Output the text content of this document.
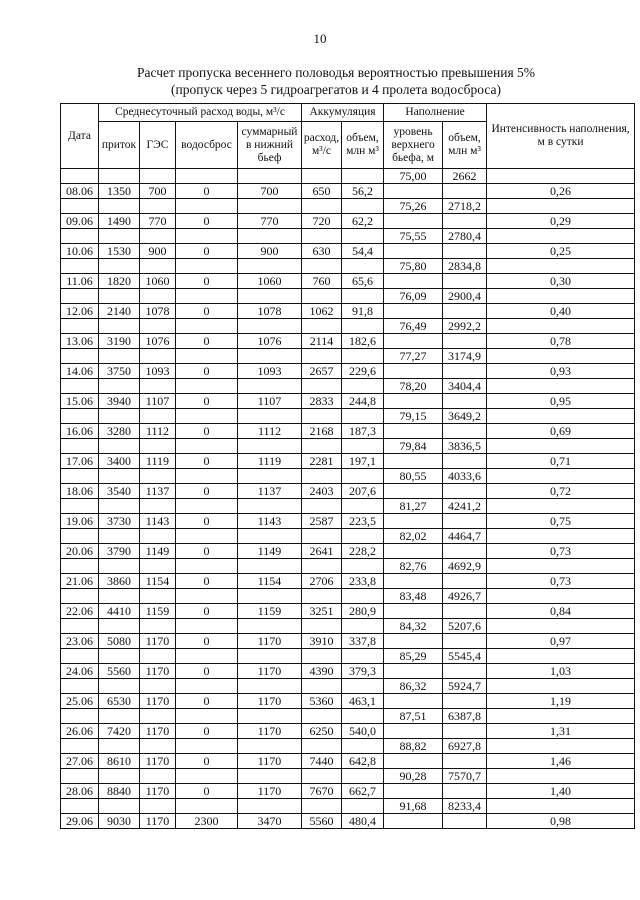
10
Расчет пропуска весеннего половодья вероятностью превышения 5%
(пропуск через 5 гидроагрегатов и 4 пролета водосброса)
Дата	Среднесуточный расход воды, м³/с				Аккумуляция		Наполнение		Интенсивность наполнения, м в сутки
	приток	ГЭС	водосброс	суммарный в нижний бьеф	расход, м³/с	объем, млн м³	уровень верхнего бьефа, м	объем, млн м³	
							75,00	2662	
08.06	1350	700	0	700	650	56,2			0,26
							75,26	2718,2	
09.06	1490	770	0	770	720	62,2			0,29
							75,55	2780,4	
10.06	1530	900	0	900	630	54,4			0,25
							75,80	2834,8	
11.06	1820	1060	0	1060	760	65,6			0,30
							76,09	2900,4	
12.06	2140	1078	0	1078	1062	91,8			0,40
							76,49	2992,2	
13.06	3190	1076	0	1076	2114	182,6			0,78
							77,27	3174,9	
14.06	3750	1093	0	1093	2657	229,6			0,93
							78,20	3404,4	
15.06	3940	1107	0	1107	2833	244,8			0,95
							79,15	3649,2	
16.06	3280	1112	0	1112	2168	187,3			0,69
							79,84	3836,5	
17.06	3400	1119	0	1119	2281	197,1			0,71
							80,55	4033,6	
18.06	3540	1137	0	1137	2403	207,6			0,72
							81,27	4241,2	
19.06	3730	1143	0	1143	2587	223,5			0,75
							82,02	4464,7	
20.06	3790	1149	0	1149	2641	228,2			0,73
							82,76	4692,9	
21.06	3860	1154	0	1154	2706	233,8			0,73
							83,48	4926,7	
22.06	4410	1159	0	1159	3251	280,9			0,84
							84,32	5207,6	
23.06	5080	1170	0	1170	3910	337,8			0,97
							85,29	5545,4	
24.06	5560	1170	0	1170	4390	379,3			1,03
							86,32	5924,7	
25.06	6530	1170	0	1170	5360	463,1			1,19
							87,51	6387,8	
26.06	7420	1170	0	1170	6250	540,0			1,31
							88,82	6927,8	
27.06	8610	1170	0	1170	7440	642,8			1,46
							90,28	7570,7	
28.06	8840	1170	0	1170	7670	662,7			1,40
							91,68	8233,4	
29.06	9030	1170	2300	3470	5560	480,4			0,98
